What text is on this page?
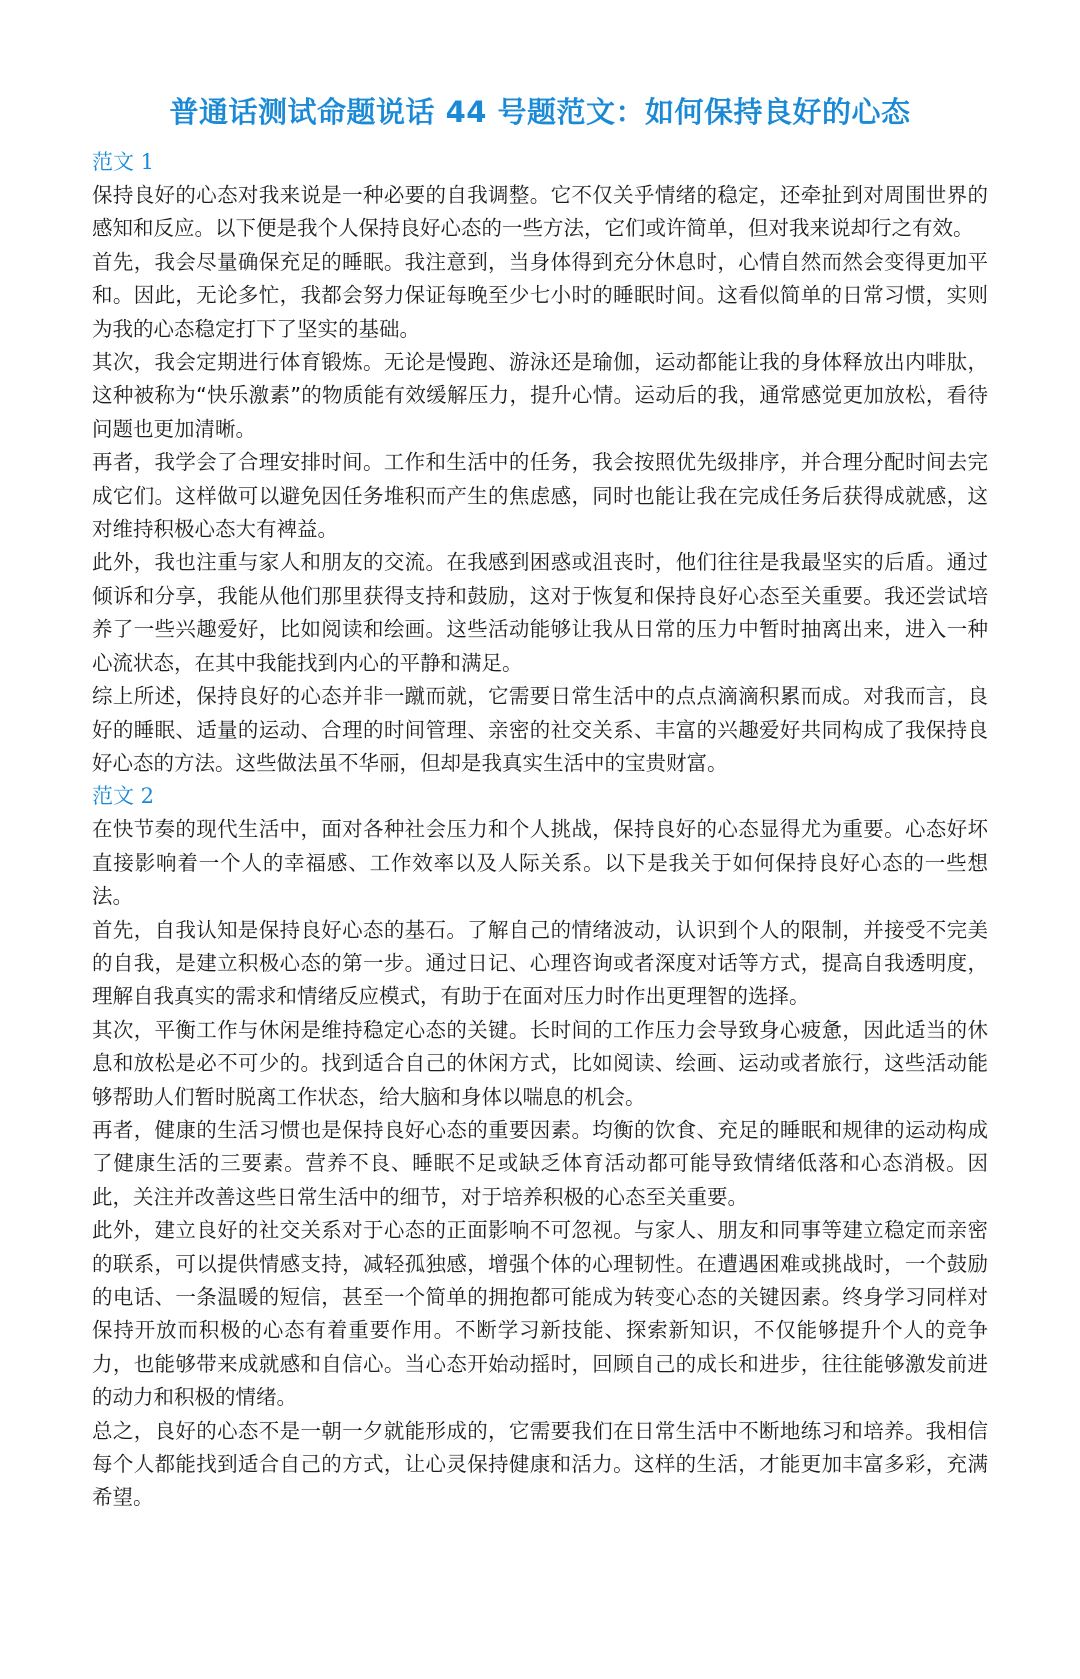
普通话测试命题说话 44 号题范文：如何保持良好的心态
范文 1

保持良好的心态对我来说是一种必要的自我调整。它不仅关乎情绪的稳定，还牵扯到对周围世界的感知和反应。以下便是我个人保持良好心态的一些方法，它们或许简单，但对我来说却行之有效。

首先，我会尽量确保充足的睡眠。我注意到，当身体得到充分休息时，心情自然而然会变得更加平和。因此，无论多忙，我都会努力保证每晚至少七小时的睡眠时间。这看似简单的日常习惯，实则为我的心态稳定打下了坚实的基础。

其次，我会定期进行体育锻炼。无论是慢跑、游泳还是瑜伽，运动都能让我的身体释放出内啡肽，这种被称为“快乐激素”的物质能有效缓解压力，提升心情。运动后的我，通常感觉更加放松，看待问题也更加清晰。

再者，我学会了合理安排时间。工作和生活中的任务，我会按照优先级排序，并合理分配时间去完成它们。这样做可以避免因任务堆积而产生的焦虑感，同时也能让我在完成任务后获得成就感，这对维持积极心态大有裨益。

此外，我也注重与家人和朋友的交流。在我感到困惑或沮丧时，他们往往是我最坚实的后盾。通过倾诉和分享，我能从他们那里获得支持和鼓励，这对于恢复和保持良好心态至关重要。我还尝试培养了一些兴趣爱好，比如阅读和绘画。这些活动能够让我从日常的压力中暂时抽离出来，进入一种心流状态，在其中我能找到内心的平静和满足。

综上所述，保持良好的心态并非一蹴而就，它需要日常生活中的点点滴滴积累而成。对我而言，良好的睡眠、适量的运动、合理的时间管理、亲密的社交关系、丰富的兴趣爱好共同构成了我保持良好心态的方法。这些做法虽不华丽，但却是我真实生活中的宝贵财富。

范文 2

在快节奏的现代生活中，面对各种社会压力和个人挑战，保持良好的心态显得尤为重要。心态好坏直接影响着一个人的幸福感、工作效率以及人际关系。以下是我关于如何保持良好心态的一些想法。

首先，自我认知是保持良好心态的基石。了解自己的情绪波动，认识到个人的限制，并接受不完美的自我，是建立积极心态的第一步。通过日记、心理咨询或者深度对话等方式，提高自我透明度，理解自我真实的需求和情绪反应模式，有助于在面对压力时作出更理智的选择。

其次，平衡工作与休闲是维持稳定心态的关键。长时间的工作压力会导致身心疲惫，因此适当的休息和放松是必不可少的。找到适合自己的休闲方式，比如阅读、绘画、运动或者旅行，这些活动能够帮助人们暂时脱离工作状态，给大脑和身体以喘息的机会。

再者，健康的生活习惯也是保持良好心态的重要因素。均衡的饮食、充足的睡眠和规律的运动构成了健康生活的三要素。营养不良、睡眠不足或缺乏体育活动都可能导致情绪低落和心态消极。因此，关注并改善这些日常生活中的细节，对于培养积极的心态至关重要。

此外，建立良好的社交关系对于心态的正面影响不可忽视。与家人、朋友和同事等建立稳定而亲密的联系，可以提供情感支持，减轻孤独感，增强个体的心理韧性。在遭遇困难或挑战时，一个鼓励的电话、一条温暖的短信，甚至一个简单的拥抱都可能成为转变心态的关键因素。终身学习同样对保持开放而积极的心态有着重要作用。不断学习新技能、探索新知识，不仅能够提升个人的竞争力，也能够带来成就感和自信心。当心态开始动摇时，回顾自己的成长和进步，往往能够激发前进的动力和积极的情绪。

总之，良好的心态不是一朝一夕就能形成的，它需要我们在日常生活中不断地练习和培养。我相信每个人都能找到适合自己的方式，让心灵保持健康和活力。这样的生活，才能更加丰富多彩，充满希望。
